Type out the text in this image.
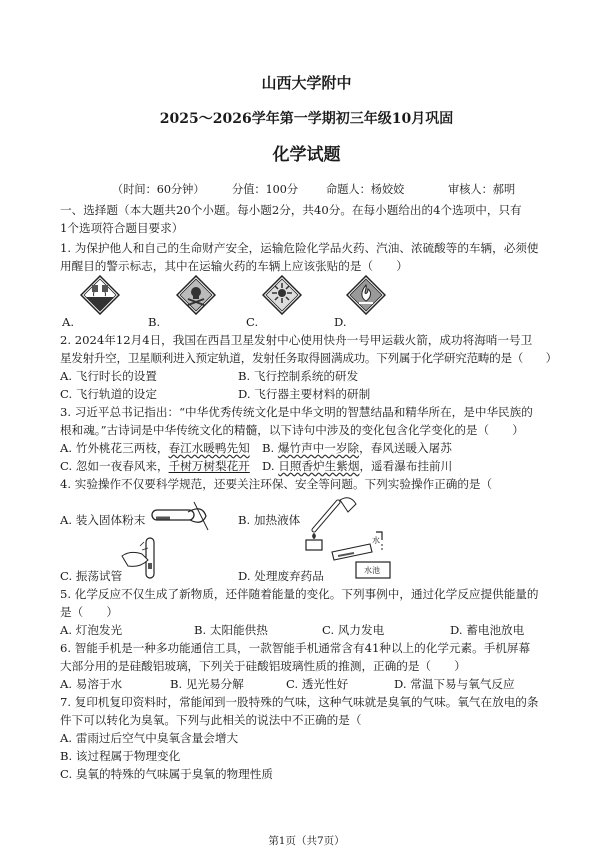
山西大学附中
2025～2026学年第一学期初三年级10月巩固
化学试题
（时间：60分钟） 分值：100分 命题人：杨姣姣	审核人：郝明
一、选择题（本大题共20个小题。每小题2分，共40分。在每小题给出的4个选项中，只有
1个选项符合题目要求）
1. 为保护他人和自己的生命财产安全，运输危险化学品火药、汽油、浓硫酸等的车辆，必须使
用醒目的警示标志，其中在运输火药的车辆上应该张贴的是（　　）
A.	B.	C.	D.
2. 2024年12月4日，我国在西昌卫星发射中心使用快舟一号甲运载火箭，成功将海哨一号卫
星发射升空，卫星顺利进入预定轨道，发射任务取得圆满成功。下列属于化学研究范畴的是（　　）
A. 飞行时长的设置	B. 飞行控制系统的研发
C. 飞行轨道的设定	D. 飞行器主要材料的研制
3. 习近平总书记指出：“中华优秀传统文化是中华文明的智慧结晶和精华所在，是中华民族的
根和魂。”古诗词是中华传统文化的精髓，以下诗句中涉及的变化包含化学变化的是（　　）
A. 竹外桃花三两枝，春江水暖鸭先知 B. 爆竹声中一岁除，春风送暖入屠苏
C. 忽如一夜春风来，千树万树梨花开 D. 日照香炉生紫烟，遥看瀑布挂前川
4. 实验操作不仅要科学规范，还要关注环保、安全等问题。下列实验操作正确的是（
A. 装入固体粉末	B. 加热液体
水
水池
C. 振荡试管	D. 处理废弃药品
5. 化学反应不仅生成了新物质，还伴随着能量的变化。下列事例中，通过化学反应提供能量的
是（　　）
A. 灯泡发光	B. 太阳能供热	C. 风力发电	D. 蓄电池放电
6. 智能手机是一种多功能通信工具，一款智能手机通常含有41种以上的化学元素。手机屏幕
大部分用的是硅酸铝玻璃，下列关于硅酸铝玻璃性质的推测，正确的是（　　）
A. 易溶于水	B. 见光易分解	C. 透光性好	D. 常温下易与氧气反应
7. 复印机复印资料时，常能闻到一股特殊的气味，这种气味就是臭氧的气味。氧气在放电的条
件下可以转化为臭氧。下列与此相关的说法中不正确的是（
A. 雷雨过后空气中臭氧含量会增大
B. 该过程属于物理变化
C. 臭氧的特殊的气味属于臭氧的物理性质
第1页（共7页）
